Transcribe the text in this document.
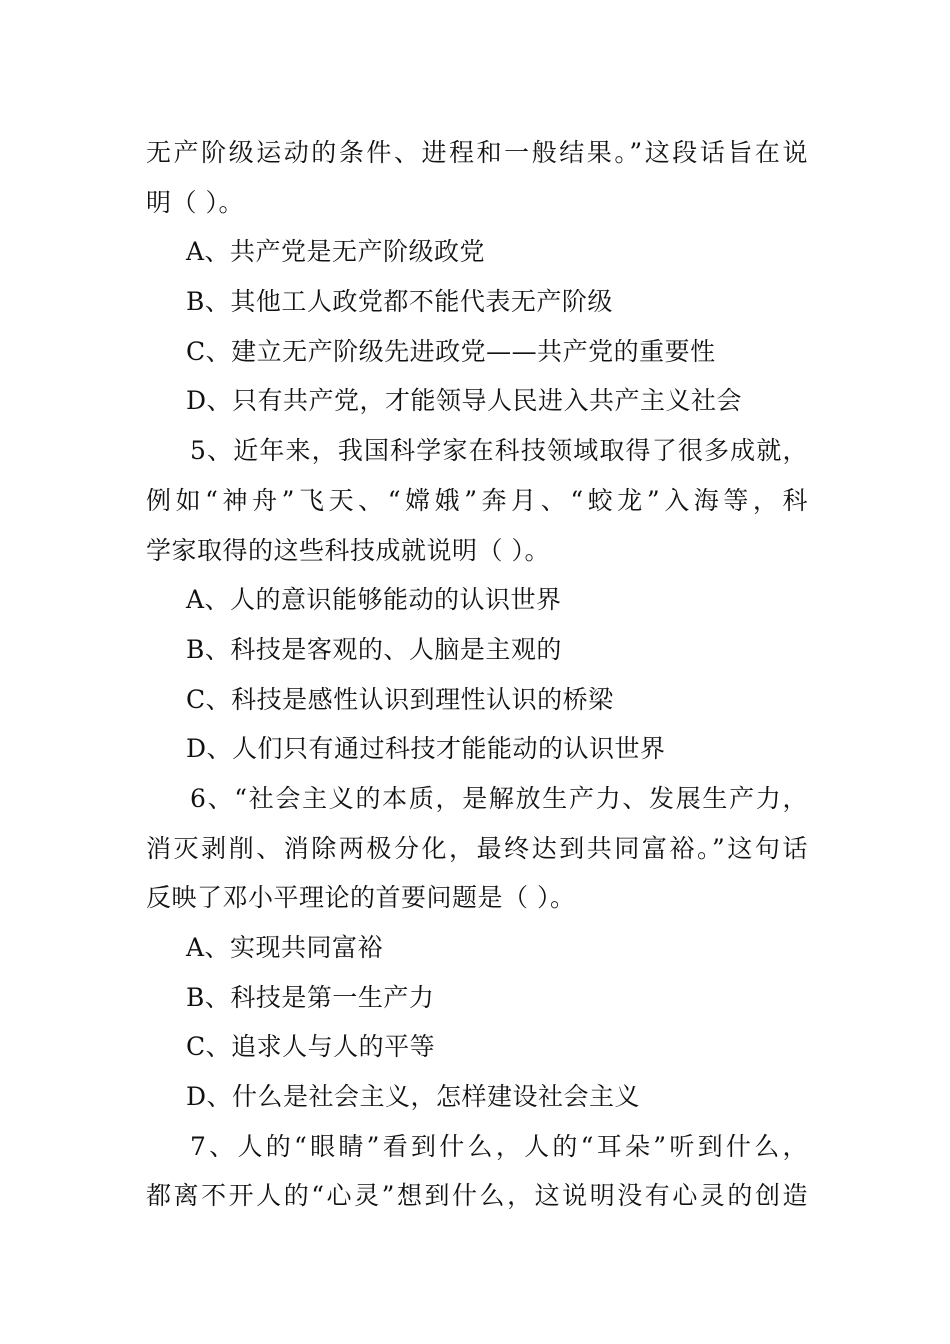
无产阶级运动的条件、进程和一般结果。”这段话旨在说
明（ ）。
A、共产党是无产阶级政党
B、其他工人政党都不能代表无产阶级
C、建立无产阶级先进政党——共产党的重要性
D、只有共产党，才能领导人民进入共产主义社会
5、近年来，我国科学家在科技领域取得了很多成就，
例如“神舟”飞天、“嫦娥”奔月、“蛟龙”入海等，科
学家取得的这些科技成就说明（ ）。
A、人的意识能够能动的认识世界
B、科技是客观的、人脑是主观的
C、科技是感性认识到理性认识的桥梁
D、人们只有通过科技才能能动的认识世界
6、“社会主义的本质，是解放生产力、发展生产力，
消灭剥削、消除两极分化，最终达到共同富裕。”这句话
反映了邓小平理论的首要问题是（ ）。
A、实现共同富裕
B、科技是第一生产力
C、追求人与人的平等
D、什么是社会主义，怎样建设社会主义
7、人的“眼睛”看到什么，人的“耳朵”听到什么，
都离不开人的“心灵”想到什么，这说明没有心灵的创造
